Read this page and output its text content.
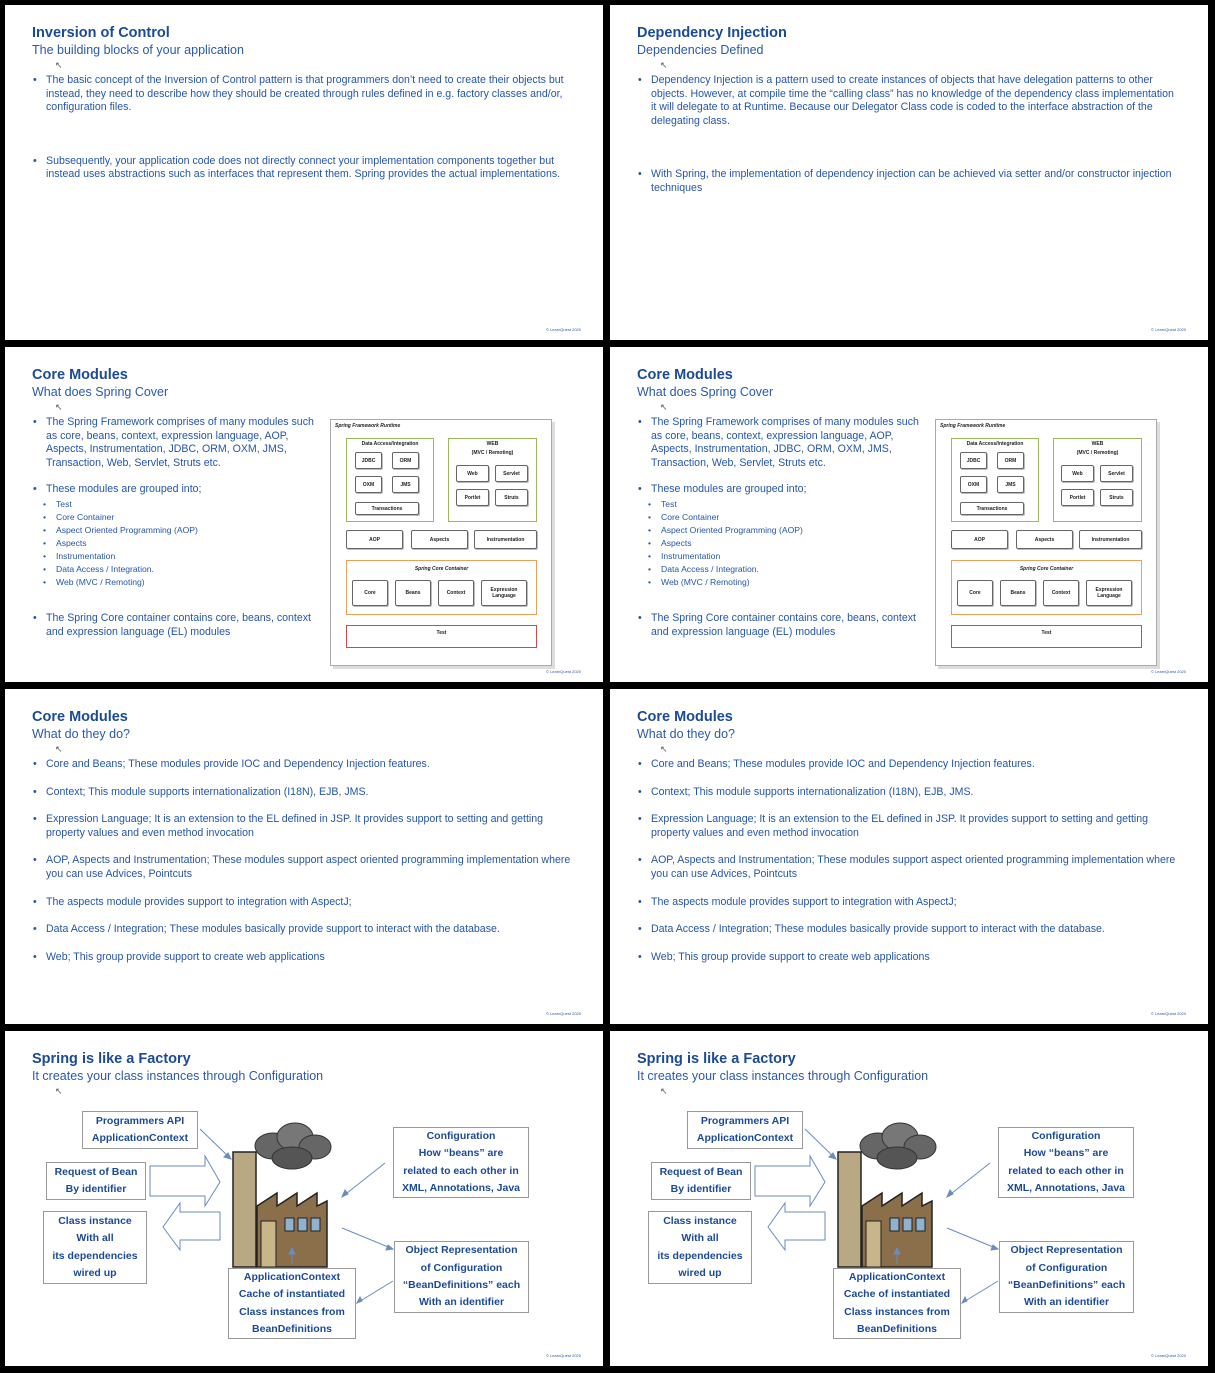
Inversion of Control
The building blocks of your application
↖
• The basic concept of the Inversion of Control pattern is that programmers don’t need to create their objects but instead, they need to describe how they should be created through rules defined in e.g. factory classes and/or, configuration files.
• Subsequently, your application code does not directly connect your implementation components together but instead uses abstractions such as interfaces that represent them. Spring provides the actual implementations.
© LearnQuest 2020
Dependency Injection
Dependencies Defined
↖
• Dependency Injection is a pattern used to create instances of objects that have delegation patterns to other objects. However, at compile time the “calling class” has no knowledge of the dependency class implementation it will delegate to at Runtime. Because our Delegator Class code is coded to the interface abstraction of the delegating class.
• With Spring, the implementation of dependency injection can be achieved via setter and/or constructor injection techniques
© LearnQuest 2020
Core Modules
What does Spring Cover
↖
• The Spring Framework comprises of many modules such as core, beans, context, expression language, AOP, Aspects, Instrumentation, JDBC, ORM, OXM, JMS, Transaction, Web, Servlet, Struts etc.
• These modules are grouped into;
• Test
• Core Container
• Aspect Oriented Programming (AOP)
• Aspects
• Instrumentation
• Data Access / Integration.
• Web (MVC / Remoting)
• The Spring Core container contains core, beans, context and expression language (EL) modules
Spring Framework Runtime
Data Access/Integration
JDBC	ORM
OXM	JMS
Transactions
WEB
(MVC / Remoting)
Web	Servlet
Portlet	Struts
AOP	Aspects	Instrumentation
Spring Core Container
Core	Beans	Context	Expression
Language
Test
© LearnQuest 2020
Core Modules
What does Spring Cover
↖
• The Spring Framework comprises of many modules such as core, beans, context, expression language, AOP, Aspects, Instrumentation, JDBC, ORM, OXM, JMS, Transaction, Web, Servlet, Struts etc.
• These modules are grouped into;
• Test
• Core Container
• Aspect Oriented Programming (AOP)
• Aspects
• Instrumentation
• Data Access / Integration.
• Web (MVC / Remoting)
• The Spring Core container contains core, beans, context and expression language (EL) modules
Spring Framework Runtime
Data Access/Integration
JDBC	ORM
OXM	JMS
Transactions
WEB
(MVC / Remoting)
Web	Servlet
Portlet	Struts
AOP	Aspects	Instrumentation
Spring Core Container
Core	Beans	Context	Expression
Language
Test
© LearnQuest 2020
Core Modules
What do they do?
↖
• Core and Beans; These modules provide IOC and Dependency Injection features.
• Context; This module supports internationalization (I18N), EJB, JMS.
• Expression Language; It is an extension to the EL defined in JSP. It provides support to setting and getting property values and even method invocation
• AOP, Aspects and Instrumentation; These modules support aspect oriented programming implementation where you can use Advices, Pointcuts
• The aspects module provides support to integration with AspectJ;
• Data Access / Integration; These modules basically provide support to interact with the database.
• Web; This group provide support to create web applications
© LearnQuest 2020
Core Modules
What do they do?
↖
• Core and Beans; These modules provide IOC and Dependency Injection features.
• Context; This module supports internationalization (I18N), EJB, JMS.
• Expression Language; It is an extension to the EL defined in JSP. It provides support to setting and getting property values and even method invocation
• AOP, Aspects and Instrumentation; These modules support aspect oriented programming implementation where you can use Advices, Pointcuts
• The aspects module provides support to integration with AspectJ;
• Data Access / Integration; These modules basically provide support to interact with the database.
• Web; This group provide support to create web applications
© LearnQuest 2020
Spring is like a Factory
It creates your class instances through Configuration
↖
Programmers API
ApplicationContext
Request of Bean
By identifier
Class instance
With all
its dependencies
wired up
Configuration
How “beans” are
related to each other in
XML, Annotations, Java
Object Representation
of Configuration
“BeanDefinitions” each
With an identifier
ApplicationContext
Cache of instantiated
Class instances from
BeanDefinitions
© LearnQuest 2020
Spring is like a Factory
It creates your class instances through Configuration
↖
Programmers API
ApplicationContext
Request of Bean
By identifier
Class instance
With all
its dependencies
wired up
Configuration
How “beans” are
related to each other in
XML, Annotations, Java
Object Representation
of Configuration
“BeanDefinitions” each
With an identifier
ApplicationContext
Cache of instantiated
Class instances from
BeanDefinitions
© LearnQuest 2020
